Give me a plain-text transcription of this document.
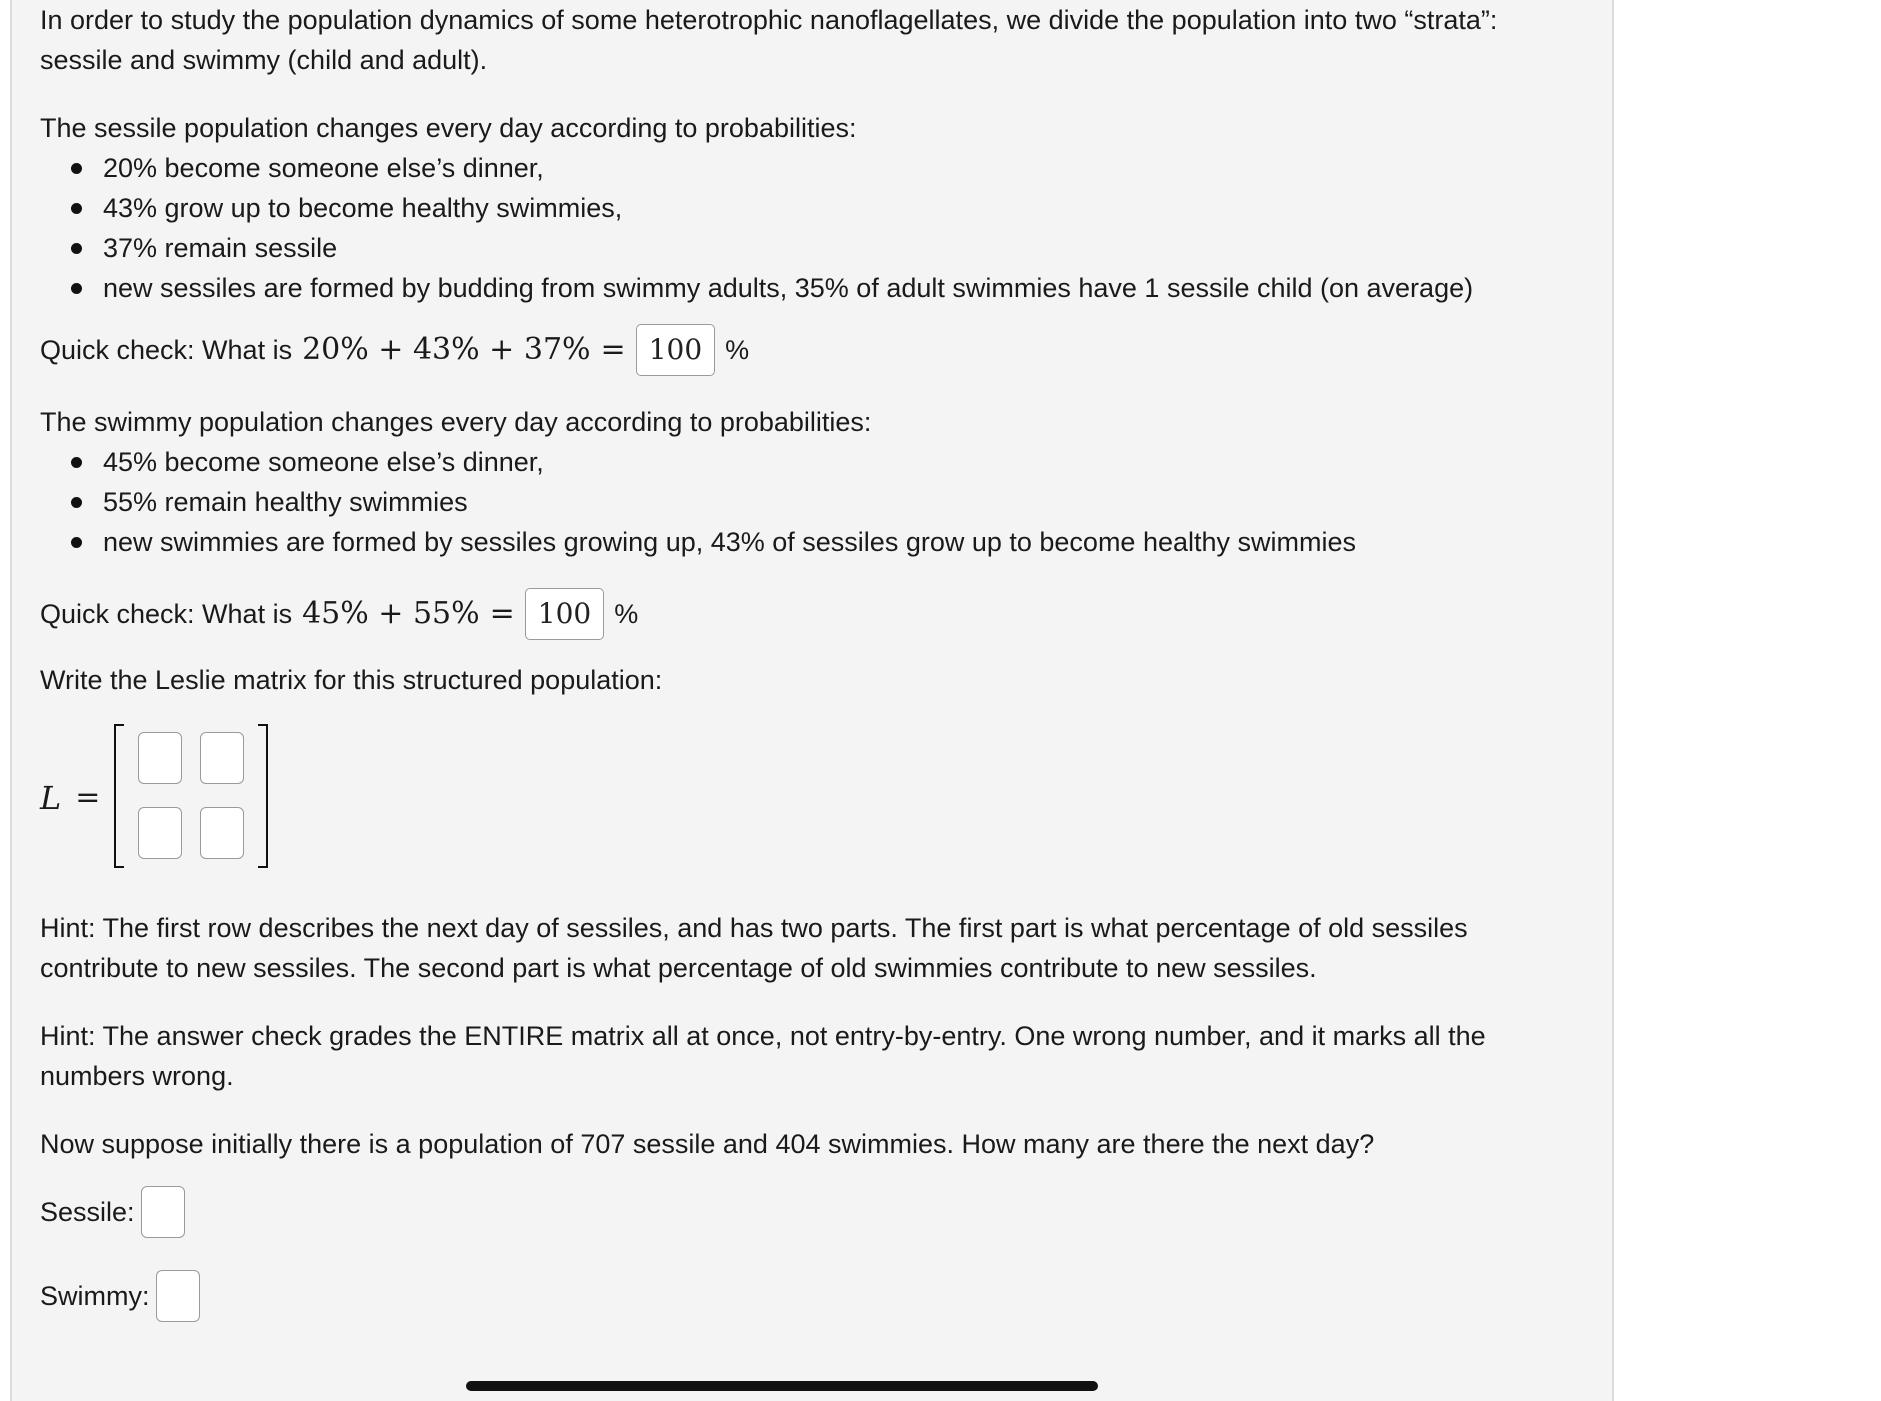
In order to study the population dynamics of some heterotrophic nanoflagellates, we divide the population into two “strata”:

sessile and swimmy (child and adult).

The sessile population changes every day according to probabilities:

20% become someone else’s dinner,
43% grow up to become healthy swimmies,
37% remain sessile
new sessiles are formed by budding from swimmy adults, 35% of adult swimmies have 1 sessile child (on average)
Quick check: What is 20% + 43% + 37% = 100 %

The swimmy population changes every day according to probabilities:

45% become someone else’s dinner,
55% remain healthy swimmies
new swimmies are formed by sessiles growing up, 43% of sessiles grow up to become healthy swimmies
Quick check: What is 45% + 55% = 100 %

Write the Leslie matrix for this structured population:

L =

Hint: The first row describes the next day of sessiles, and has two parts. The first part is what percentage of old sessiles

contribute to new sessiles. The second part is what percentage of old swimmies contribute to new sessiles.

Hint: The answer check grades the ENTIRE matrix all at once, not entry-by-entry. One wrong number, and it marks all the

numbers wrong.

Now suppose initially there is a population of 707 sessile and 404 swimmies. How many are there the next day?

Sessile:
Swimmy:
